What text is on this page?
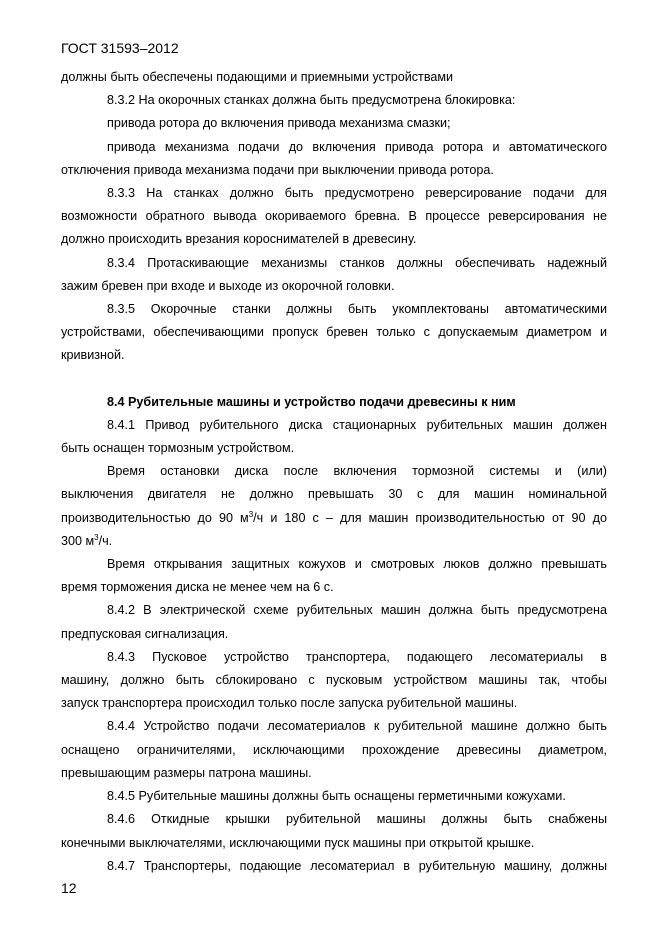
ГОСТ 31593–2012
должны быть обеспечены подающими и приемными устройствами
8.3.2 На окорочных станках должна быть предусмотрена блокировка:
привода ротора до включения привода механизма смазки;
привода механизма подачи до включения привода ротора и автоматического
отключения привода механизма подачи при выключении привода ротора.
8.3.3 На станках должно быть предусмотрено реверсирование подачи для
возможности обратного вывода окориваемого бревна. В процессе реверсирования не
должно происходить врезания короснимателей в древесину.
8.3.4 Протаскивающие механизмы станков должны обеспечивать надежный
зажим бревен при входе и выходе из окорочной головки.
8.3.5 Окорочные станки должны быть укомплектованы автоматическими
устройствами, обеспечивающими пропуск бревен только с допускаемым диаметром и
кривизной.
8.4 Рубительные машины и устройство подачи древесины к ним
8.4.1 Привод рубительного диска стационарных рубительных машин должен
быть оснащен тормозным устройством.
Время остановки диска после включения тормозной системы и (или)
выключения двигателя не должно превышать 30 с для машин номинальной
производительностью до 90 $м^3/ч$ и 180 с – для машин производительностью от 90 до
300 $м^3/ч$.
Время открывания защитных кожухов и смотровых люков должно превышать
время торможения диска не менее чем на 6 с.
8.4.2 В электрической схеме рубительных машин должна быть предусмотрена
предпусковая сигнализация.
8.4.3 Пусковое устройство транспортера, подающего лесоматериалы в
машину, должно быть сблокировано с пусковым устройством машины так, чтобы
запуск транспортера происходил только после запуска рубительной машины.
8.4.4 Устройство подачи лесоматериалов к рубительной машине должно быть
оснащено ограничителями, исключающими прохождение древесины диаметром,
превышающим размеры патрона машины.
8.4.5 Рубительные машины должны быть оснащены герметичными кожухами.
8.4.6 Откидные крышки рубительной машины должны быть снабжены
конечными выключателями, исключающими пуск машины при открытой крышке.
8.4.7 Транспортеры, подающие лесоматериал в рубительную машину, должны
12
